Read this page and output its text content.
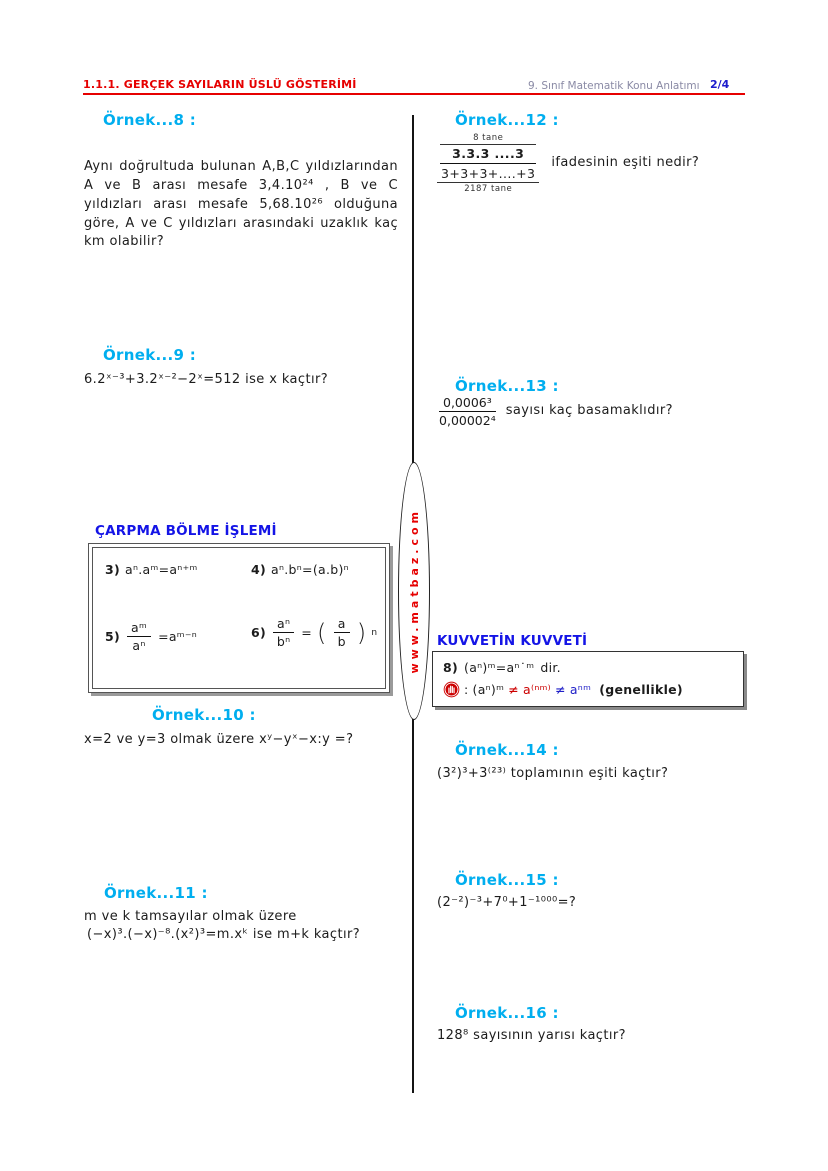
1.1.1. GERÇEK SAYILARIN ÜSLÜ GÖSTERİMİ	9. Sınıf Matematik Konu Anlatımı 2/4
www.matbaz.com
Örnek...8 :
Aynı doğrultuda bulunan A,B,C yıldızlarından A ve B arası mesafe 3,4.10²⁴ , B ve C yıldızları arası mesafe 5,68.10²⁶ olduğuna göre, A ve C yıldızları arasındaki uzaklık kaç km olabilir?
Örnek...9 :
6.2ˣ⁻³+3.2ˣ⁻²−2ˣ=512 ise x kaçtır?
ÇARPMA BÖLME İŞLEMİ
3) aⁿ.aᵐ=aⁿ⁺ᵐ	4) aⁿ.bⁿ=(a.b)ⁿ
$5) \frac{\text{aᵐ}}{\text{aⁿ}}$ =aᵐ⁻ⁿ	$6) \frac{\text{aⁿ}}{\text{bⁿ}}$ = ( $\frac{a}{b}$ ) n
Örnek...10 :
x=2 ve y=3 olmak üzere xʸ−yˣ−x:y =?
Örnek...11 :
m ve k tamsayılar olmak üzere
(−x)³.(−x)⁻⁸.(x²)³=m.xᵏ ise m+k kaçtır?
Örnek...12 :
8 tane
3.3.3 ....3
3+3+3+....+3
2187 tane
ifadesinin eşiti nedir?
Örnek...13 :
$\frac{\text{0,0006³}}{\text{0,00002⁴}}$ sayısı kaç basamaklıdır?
KUVVETİN KUVVETİ
8) (aⁿ)ᵐ=aⁿ˙ᵐ dir.
: (aⁿ)ᵐ ≠ a⁽ⁿᵐ⁾ ≠ aⁿᵐ (genellikle)
Örnek...14 :
(3²)³+3⁽²³⁾ toplamının eşiti kaçtır?
Örnek...15 :
(2⁻²)⁻³+7⁰+1⁻¹⁰⁰⁰=?
Örnek...16 :
128⁸ sayısının yarısı kaçtır?
